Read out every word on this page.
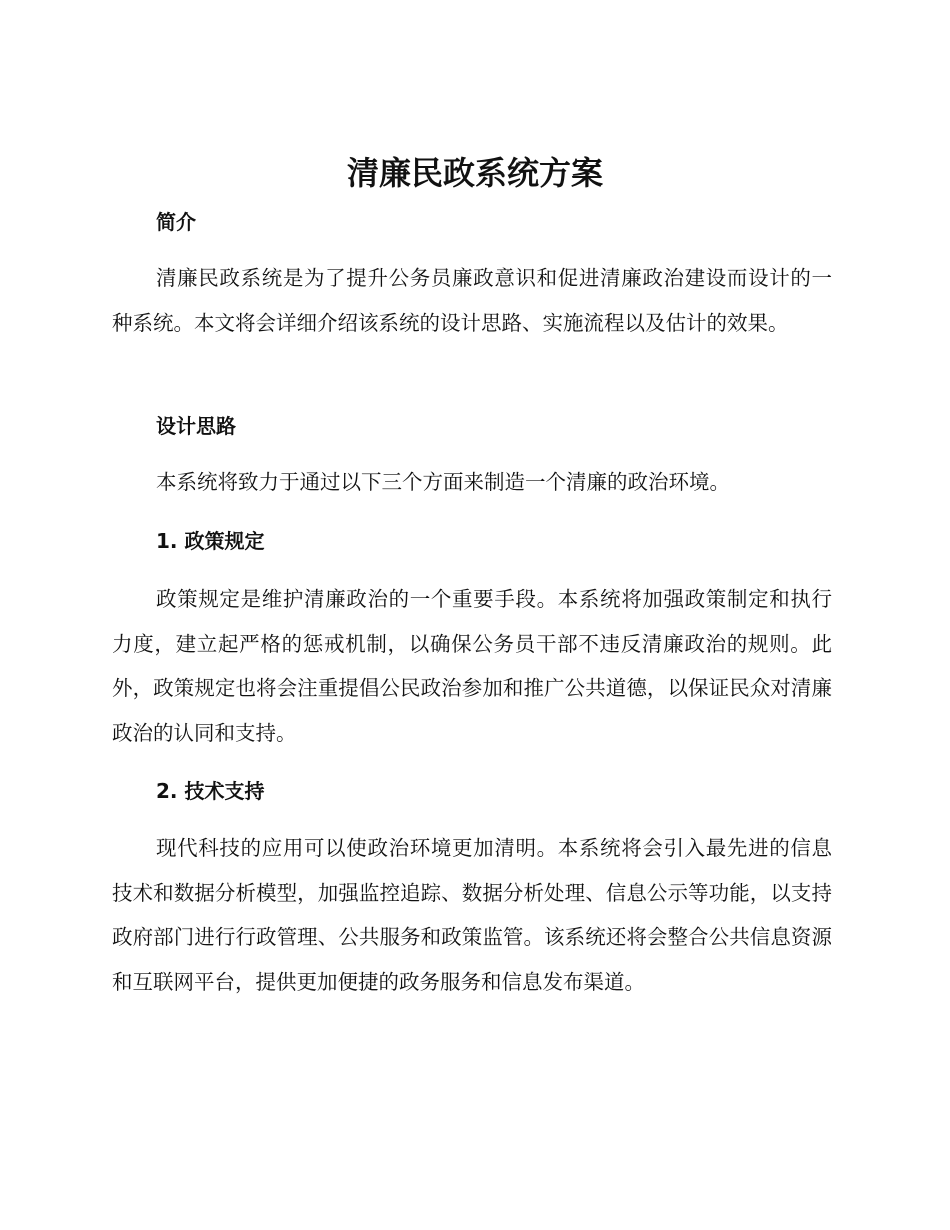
清廉民政系统方案
简介

清廉民政系统是为了提升公务员廉政意识和促进清廉政治建设而设计的一种系统。本文将会详细介绍该系统的设计思路、实施流程以及估计的效果。

设计思路

本系统将致力于通过以下三个方面来制造一个清廉的政治环境。

1. 政策规定

政策规定是维护清廉政治的一个重要手段。本系统将加强政策制定和执行力度，建立起严格的惩戒机制，以确保公务员干部不违反清廉政治的规则。此外，政策规定也将会注重提倡公民政治参加和推广公共道德，以保证民众对清廉政治的认同和支持。

2. 技术支持

现代科技的应用可以使政治环境更加清明。本系统将会引入最先进的信息技术和数据分析模型，加强监控追踪、数据分析处理、信息公示等功能，以支持政府部门进行行政管理、公共服务和政策监管。该系统还将会整合公共信息资源和互联网平台，提供更加便捷的政务服务和信息发布渠道。
